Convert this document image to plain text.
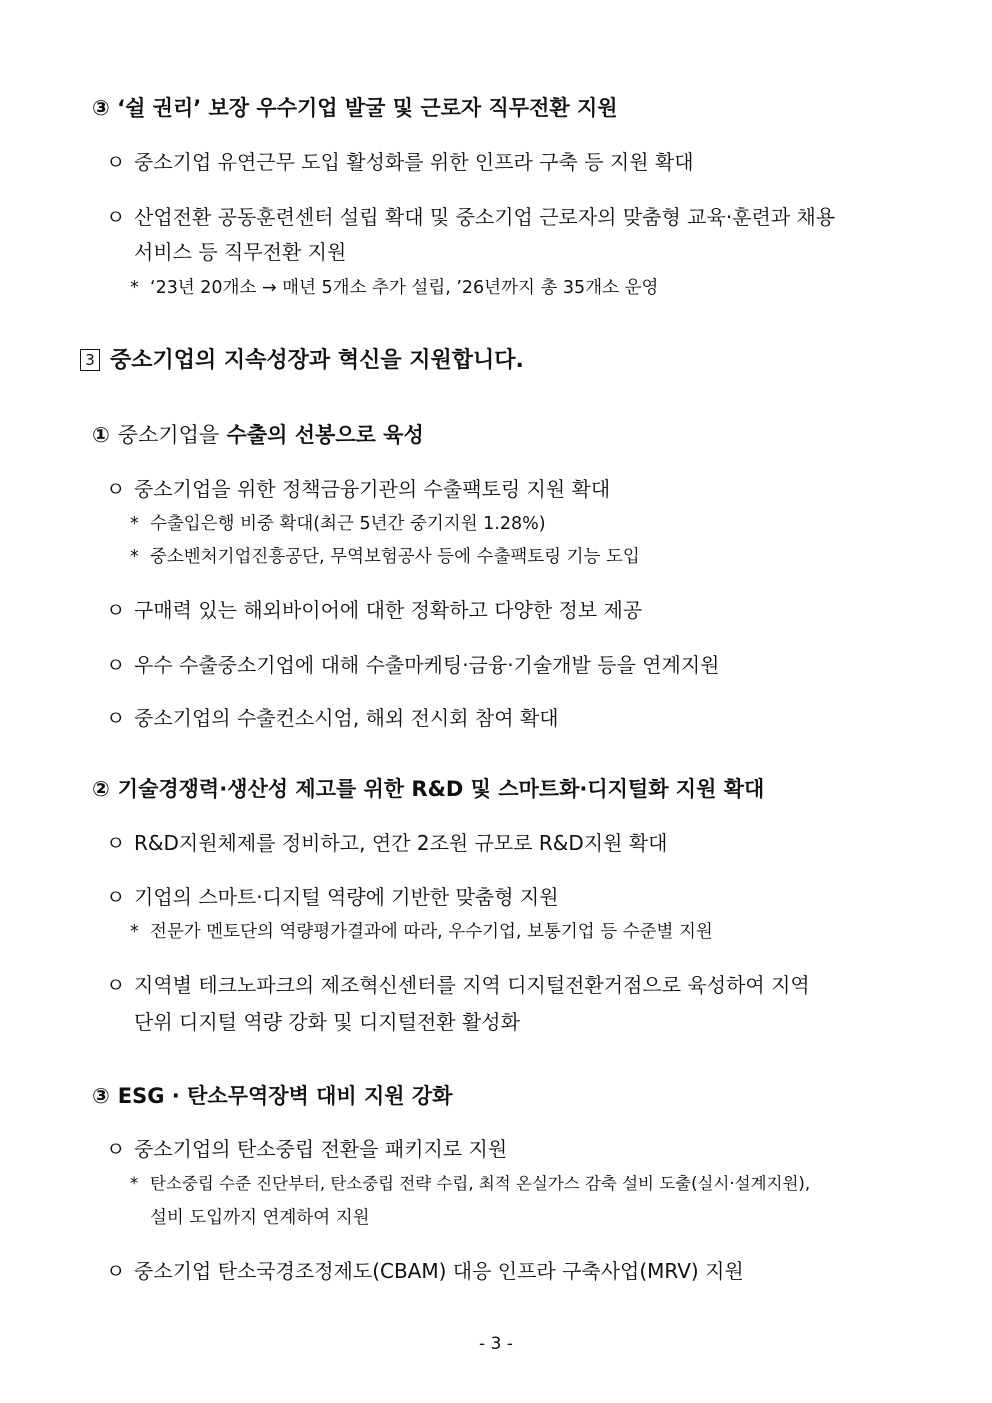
③ ‘쉴 권리’ 보장 우수기업 발굴 및 근로자 직무전환 지원
ㅇ 중소기업 유연근무 도입 활성화를 위한 인프라 구축 등 지원 확대
ㅇ 산업전환 공동훈련센터 설립 확대 및 중소기업 근로자의 맞춤형 교육·훈련과 채용
서비스 등 직무전환 지원
* ‘23년 20개소 → 매년 5개소 추가 설립, ’26년까지 총 35개소 운영
3 중소기업의 지속성장과 혁신을 지원합니다.
① 중소기업을 수출의 선봉으로 육성
ㅇ 중소기업을 위한 정책금융기관의 수출팩토링 지원 확대
* 수출입은행 비중 확대(최근 5년간 중기지원 1.28%)
* 중소벤처기업진흥공단, 무역보험공사 등에 수출팩토링 기능 도입
ㅇ 구매력 있는 해외바이어에 대한 정확하고 다양한 정보 제공
ㅇ 우수 수출중소기업에 대해 수출마케팅·금융·기술개발 등을 연계지원
ㅇ 중소기업의 수출컨소시엄, 해외 전시회 참여 확대
② 기술경쟁력·생산성 제고를 위한 R&D 및 스마트화·디지털화 지원 확대
ㅇ R&D지원체제를 정비하고, 연간 2조원 규모로 R&D지원 확대
ㅇ 기업의 스마트·디지털 역량에 기반한 맞춤형 지원
* 전문가 멘토단의 역량평가결과에 따라, 우수기업, 보통기업 등 수준별 지원
ㅇ 지역별 테크노파크의 제조혁신센터를 지역 디지털전환거점으로 육성하여 지역
단위 디지털 역량 강화 및 디지털전환 활성화
③ ESG · 탄소무역장벽 대비 지원 강화
ㅇ 중소기업의 탄소중립 전환을 패키지로 지원
* 탄소중립 수준 진단부터, 탄소중립 전략 수립, 최적 온실가스 감축 설비 도출(실시·설계지원),
설비 도입까지 연계하여 지원
ㅇ 중소기업 탄소국경조정제도(CBAM) 대응 인프라 구축사업(MRV) 지원
- 3 -
